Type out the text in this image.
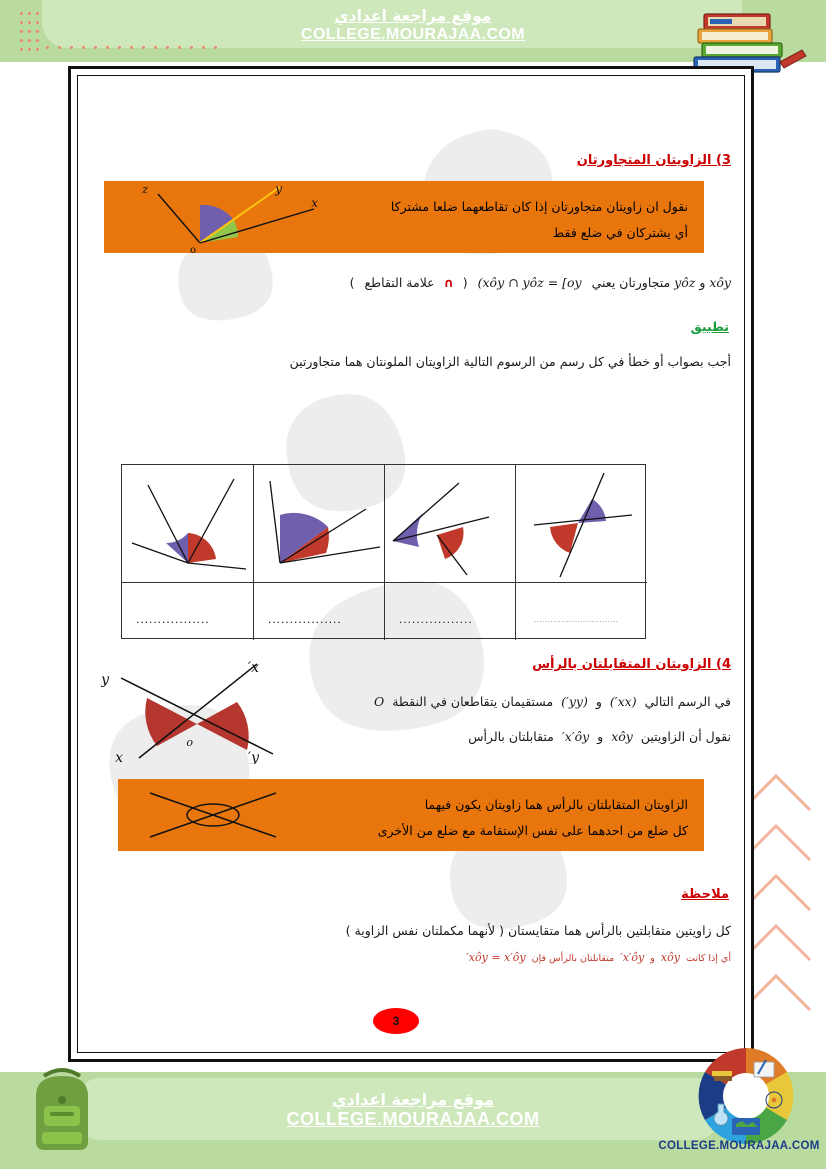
موقع مراجعة اعدادي
COLLEGE.MOURAJAA.COM
3) الزاويتان المتجاورتان
نقول ان زاويتان متجاورتان إذا كان تقاطعهما ضلعا مشتركا
أي يشتركان في ضلع فقط
z	y
x
o
xôy و yôz متجاورتان يعني xôy ∩ yôz = [oy) ( ∩ علامة التقاطع )
تطبيق
أجب بصواب أو خطأ في كل رسم من الرسوم التالية الزاويتان الملونتان هما متجاورتين
.................	.................	.................	...............................
4) الزاويتان المتقابلتان بالرأس
y
x
x′
y′
o
في الرسم التالي (xx′) و (yy′) مستقيمان يتقاطعان في النقطة O
نقول أن الزاويتين xôy و x′ôy′ متقابلتان بالرأس
الزاويتان المتقابلتان بالرأس هما زاويتان يكون فيهما
كل ضلع من احدهما على نفس الإستقامة مع ضلع من الأخرى
ملاحظة
كل زاويتين متقابلتين بالرأس هما متقايستان ( لأنهما مكملتان نفس الزاوية )
أي إذا كانت xôy و x′ôy′ متقابلتان بالرأس فإن xôy = x′ôy′
3
موقع مراجعة اعدادي
COLLEGE.MOURAJAA.COM
COLLEGE.MOURAJAA.COM
